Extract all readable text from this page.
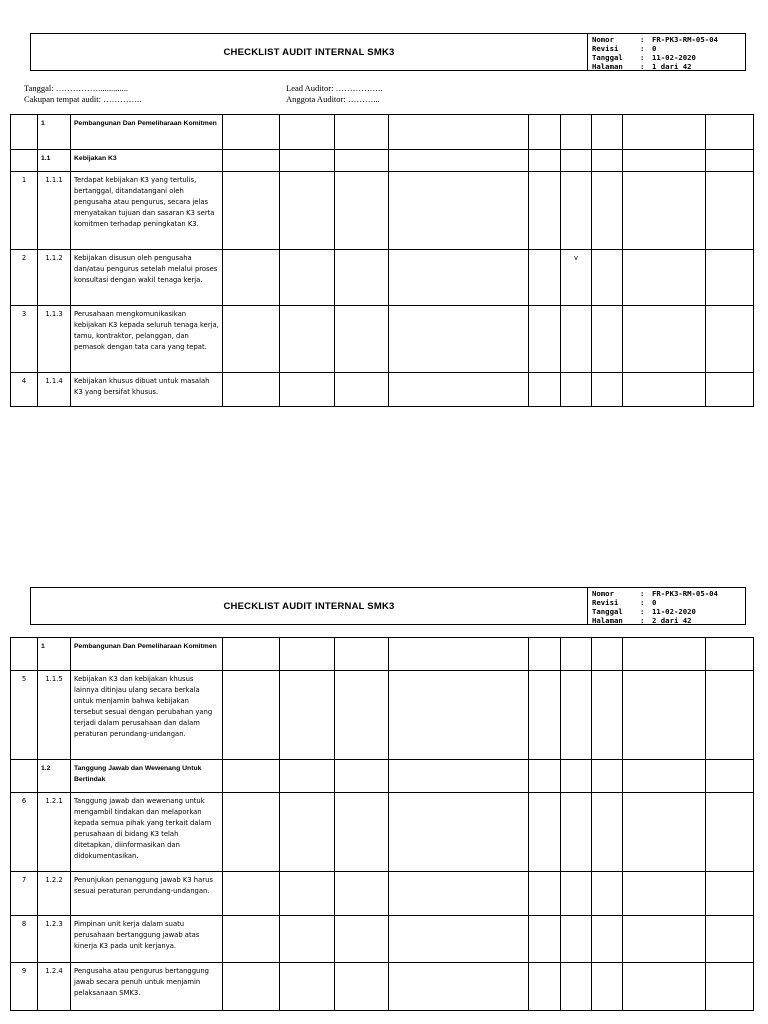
CHECKLIST AUDIT INTERNAL SMK3
Nomor	:	FR-PK3-RM-05-04
Revisi	:	0
Tanggal	:	11-02-2020
Halaman	:	1 dari 42
Tanggal: ……………..............
Cakupan tempat audit: …………..
Lead Auditor: ……………..
Anggota Auditor: ………...
	1	Pembangunan Dan Pemeliharaan Komitmen									
	1.1	Kebijakan K3									
1	1.1.1	Terdapat kebijakan K3 yang tertulis, bertanggal, ditandatangani oleh pengusaha atau pengurus, secara jelas menyatakan tujuan dan sasaran K3 serta komitmen terhadap peningkatan K3.									
2	1.1.2	Kebijakan disusun oleh pengusaha dan/atau pengurus setelah melalui proses konsultasi dengan wakil tenaga kerja.						v			
3	1.1.3	Perusahaan mengkomunikasikan kebijakan K3 kepada seluruh tenaga kerja, tamu, kontraktor, pelanggan, dan pemasok dengan tata cara yang tepat.									
4	1.1.4	Kebijakan khusus dibuat untuk masalah K3 yang bersifat khusus.									
CHECKLIST AUDIT INTERNAL SMK3
Nomor	:	FR-PK3-RM-05-04
Revisi	:	0
Tanggal	:	11-02-2020
Halaman	:	2 dari 42
	1	Pembangunan Dan Pemeliharaan Komitmen									
5	1.1.5	Kebijakan K3 dan kebijakan khusus lainnya ditinjau ulang secara berkala untuk menjamin bahwa kebijakan tersebut sesuai dengan perubahan yang terjadi dalam perusahaan dan dalam peraturan perundang-undangan.									
	1.2	Tanggung Jawab dan Wewenang Untuk Bertindak									
6	1.2.1	Tanggung jawab dan wewenang untuk mengambil tindakan dan melaporkan kepada semua pihak yang terkait dalam perusahaan di bidang K3 telah ditetapkan, diinformasikan dan didokumentasikan.									
7	1.2.2	Penunjukan penanggung jawab K3 harus sesuai peraturan perundang-undangan.									
8	1.2.3	Pimpinan unit kerja dalam suatu perusahaan bertanggung jawab atas kinerja K3 pada unit kerjanya.									
9	1.2.4	Pengusaha atau pengurus bertanggung jawab secara penuh untuk menjamin pelaksanaan SMK3.									
